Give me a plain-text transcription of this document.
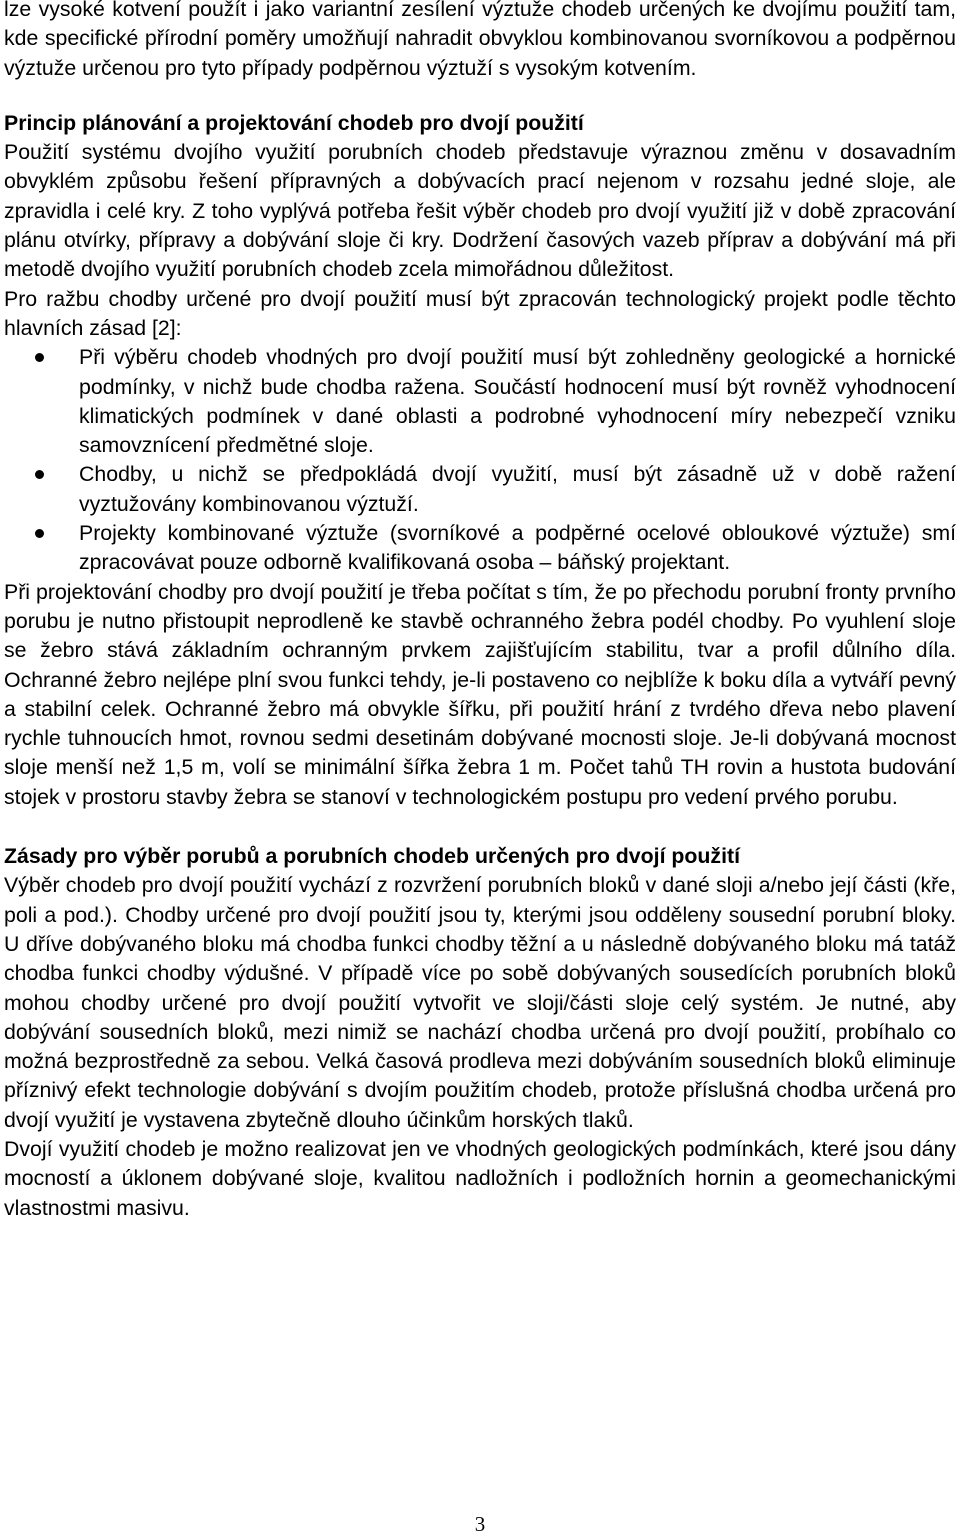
lze vysoké kotvení použít i jako variantní zesílení výztuže chodeb určených ke dvojímu použití tam, kde specifické přírodní poměry umožňují nahradit obvyklou kombinovanou svorníkovou a podpěrnou výztuže určenou pro tyto případy podpěrnou výztuží s vysokým kotvením.

Princip plánování a projektování chodeb pro dvojí použití

Použití systému dvojího využití porubních chodeb představuje výraznou změnu v dosavadním obvyklém způsobu řešení přípravných a dobývacích prací nejenom v rozsahu jedné sloje, ale zpravidla i celé kry. Z toho vyplývá potřeba řešit výběr chodeb pro dvojí využití již v době zpracování plánu otvírky, přípravy a dobývání sloje či kry. Dodržení časových vazeb příprav a dobývání má při metodě dvojího využití porubních chodeb zcela mimořádnou důležitost.

Pro ražbu chodby určené pro dvojí použití musí být zpracován technologický projekt podle těchto hlavních zásad [2]:

Při výběru chodeb vhodných pro dvojí použití musí být zohledněny geologické a hornické podmínky, v nichž bude chodba ražena. Součástí hodnocení musí být rovněž vyhodnocení klimatických podmínek v dané oblasti a podrobné vyhodnocení míry nebezpečí vzniku samovznícení předmětné sloje.
Chodby, u nichž se předpokládá dvojí využití, musí být zásadně už v době ražení vyztužovány kombinovanou výztuží.
Projekty kombinované výztuže (svorníkové a podpěrné ocelové obloukové výztuže) smí zpracovávat pouze odborně kvalifikovaná osoba – báňský projektant.

Při projektování chodby pro dvojí použití je třeba počítat s tím, že po přechodu porubní fronty prvního porubu je nutno přistoupit neprodleně ke stavbě ochranného žebra podél chodby. Po vyuhlení sloje se žebro stává základním ochranným prvkem zajišťujícím stabilitu, tvar a profil důlního díla. Ochranné žebro nejlépe plní svou funkci tehdy, je-li postaveno co nejblíže k boku díla a vytváří pevný a stabilní celek. Ochranné žebro má obvykle šířku, při použití hrání z tvrdého dřeva nebo plavení rychle tuhnoucích hmot, rovnou sedmi desetinám dobývané mocnosti sloje. Je-li dobývaná mocnost sloje menší než 1,5 m, volí se minimální šířka žebra 1 m. Počet tahů TH rovin a hustota budování stojek v prostoru stavby žebra se stanoví v technologickém postupu pro vedení prvého porubu.

Zásady pro výběr porubů a porubních chodeb určených pro dvojí použití

Výběr chodeb pro dvojí použití vychází z rozvržení porubních bloků v dané sloji a/nebo její části (kře, poli a pod.). Chodby určené pro dvojí použití jsou ty, kterými jsou odděleny sousední porubní bloky. U dříve dobývaného bloku má chodba funkci chodby těžní a u následně dobývaného bloku má tatáž chodba funkci chodby výdušné. V případě více po sobě dobývaných sousedících porubních bloků mohou chodby určené pro dvojí použití vytvořit ve sloji/části sloje celý systém. Je nutné, aby dobývání sousedních bloků, mezi nimiž se nachází chodba určená pro dvojí použití, probíhalo co možná bezprostředně za sebou. Velká časová prodleva mezi dobýváním sousedních bloků eliminuje příznivý efekt technologie dobývání s dvojím použitím chodeb, protože příslušná chodba určená pro dvojí využití je vystavena zbytečně dlouho účinkům horských tlaků.

Dvojí využití chodeb je možno realizovat jen ve vhodných geologických podmínkách, které jsou dány mocností a úklonem dobývané sloje, kvalitou nadložních i podložních hornin a geomechanickými vlastnostmi masivu.

3
